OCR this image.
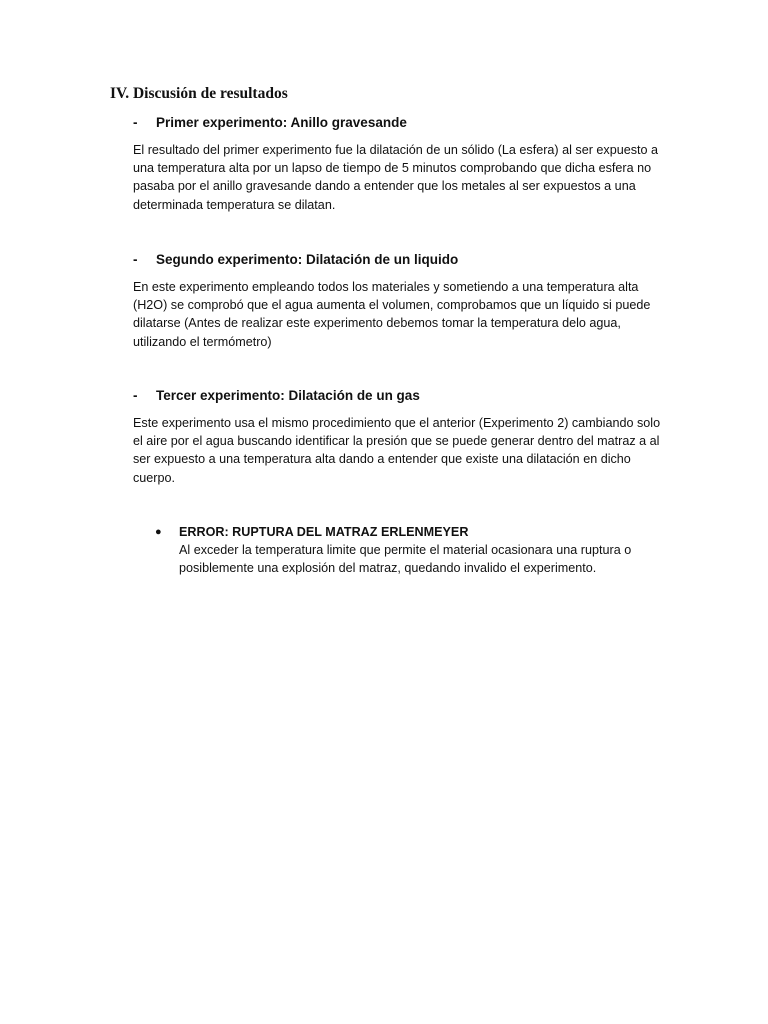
IV. Discusión de resultados
-	Primer experimento: Anillo gravesande

El resultado del primer experimento fue la dilatación de un sólido (La esfera) al ser expuesto a una temperatura alta por un lapso de tiempo de 5 minutos comprobando que dicha esfera no pasaba por el anillo gravesande dando a entender que los metales al ser expuestos a una determinada temperatura se dilatan.

-	Segundo experimento: Dilatación de un liquido

En este experimento empleando todos los materiales y sometiendo a una temperatura alta (H2O) se comprobó que el agua aumenta el volumen, comprobamos que un líquido si puede dilatarse (Antes de realizar este experimento debemos tomar la temperatura delo agua, utilizando el termómetro)

-	Tercer experimento: Dilatación de un gas

Este experimento usa el mismo procedimiento que el anterior (Experimento 2) cambiando solo el aire por el agua buscando identificar la presión que se puede generar dentro del matraz a al ser expuesto a una temperatura alta dando a entender que existe una dilatación en dicho cuerpo.

●	ERROR: RUPTURA DEL MATRAZ ERLENMEYER

Al exceder la temperatura limite que permite el material ocasionara una ruptura o posiblemente una explosión del matraz, quedando invalido el experimento.
